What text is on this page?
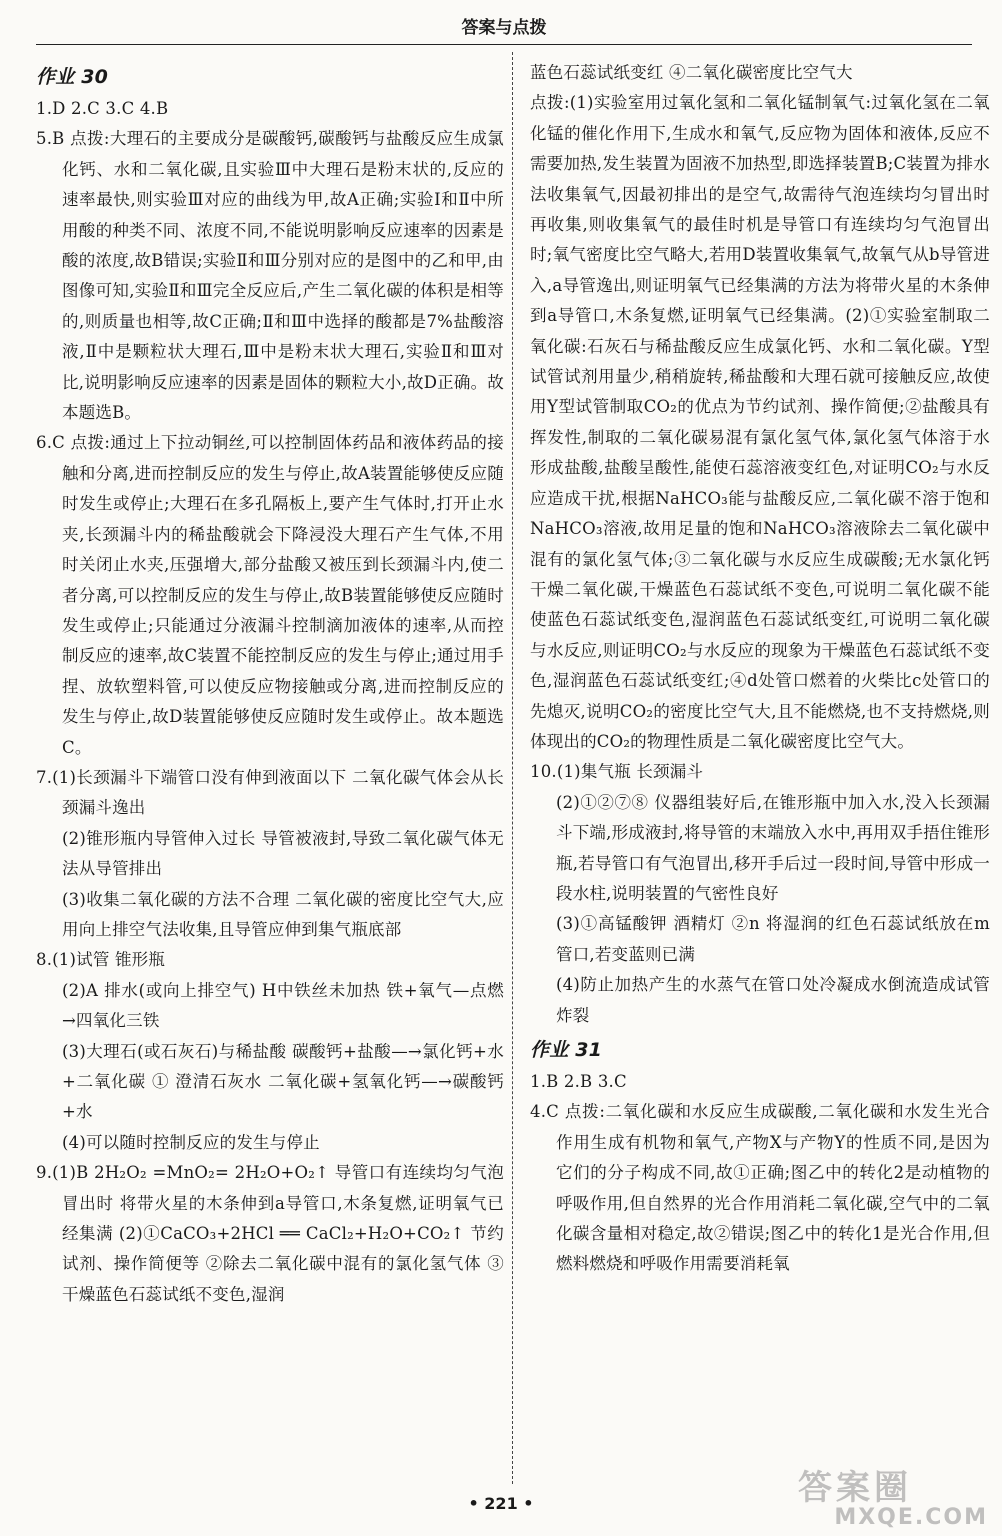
答案与点拨
作业 30
1.D 2.C 3.C 4.B
5.B 点拨:大理石的主要成分是碳酸钙,碳酸钙与盐酸反应生成氯化钙、水和二氧化碳,且实验Ⅲ中大理石是粉末状的,反应的速率最快,则实验Ⅲ对应的曲线为甲,故A正确;实验Ⅰ和Ⅱ中所用酸的种类不同、浓度不同,不能说明影响反应速率的因素是酸的浓度,故B错误;实验Ⅱ和Ⅲ分别对应的是图中的乙和甲,由图像可知,实验Ⅱ和Ⅲ完全反应后,产生二氧化碳的体积是相等的,则质量也相等,故C正确;Ⅱ和Ⅲ中选择的酸都是7%盐酸溶液,Ⅱ中是颗粒状大理石,Ⅲ中是粉末状大理石,实验Ⅱ和Ⅲ对比,说明影响反应速率的因素是固体的颗粒大小,故D正确。故本题选B。
6.C 点拨:通过上下拉动铜丝,可以控制固体药品和液体药品的接触和分离,进而控制反应的发生与停止,故A装置能够使反应随时发生或停止;大理石在多孔隔板上,要产生气体时,打开止水夹,长颈漏斗内的稀盐酸就会下降浸没大理石产生气体,不用时关闭止水夹,压强增大,部分盐酸又被压到长颈漏斗内,使二者分离,可以控制反应的发生与停止,故B装置能够使反应随时发生或停止;只能通过分液漏斗控制滴加液体的速率,从而控制反应的速率,故C装置不能控制反应的发生与停止;通过用手捏、放软塑料管,可以使反应物接触或分离,进而控制反应的发生与停止,故D装置能够使反应随时发生或停止。故本题选C。
7.(1)长颈漏斗下端管口没有伸到液面以下 二氧化碳气体会从长颈漏斗逸出
(2)锥形瓶内导管伸入过长 导管被液封,导致二氧化碳气体无法从导管排出
(3)收集二氧化碳的方法不合理 二氧化碳的密度比空气大,应用向上排空气法收集,且导管应伸到集气瓶底部
8.(1)试管 锥形瓶
(2)A 排水(或向上排空气) H中铁丝未加热 铁+氧气—点燃→四氧化三铁
(3)大理石(或石灰石)与稀盐酸 碳酸钙+盐酸—→氯化钙+水+二氧化碳 ① 澄清石灰水 二氧化碳+氢氧化钙—→碳酸钙+水
(4)可以随时控制反应的发生与停止
9.(1)B 2H₂O₂ =MnO₂= 2H₂O+O₂↑ 导管口有连续均匀气泡冒出时 将带火星的木条伸到a导管口,木条复燃,证明氧气已经集满 (2)①CaCO₃+2HCl ══ CaCl₂+H₂O+CO₂↑ 节约试剂、操作简便等 ②除去二氧化碳中混有的氯化氢气体 ③干燥蓝色石蕊试纸不变色,湿润
蓝色石蕊试纸变红 ④二氧化碳密度比空气大
点拨:(1)实验室用过氧化氢和二氧化锰制氧气:过氧化氢在二氧化锰的催化作用下,生成水和氧气,反应物为固体和液体,反应不需要加热,发生装置为固液不加热型,即选择装置B;C装置为排水法收集氧气,因最初排出的是空气,故需待气泡连续均匀冒出时再收集,则收集氧气的最佳时机是导管口有连续均匀气泡冒出时;氧气密度比空气略大,若用D装置收集氧气,故氧气从b导管进入,a导管逸出,则证明氧气已经集满的方法为将带火星的木条伸到a导管口,木条复燃,证明氧气已经集满。(2)①实验室制取二氧化碳:石灰石与稀盐酸反应生成氯化钙、水和二氧化碳。Y型试管试剂用量少,稍稍旋转,稀盐酸和大理石就可接触反应,故使用Y型试管制取CO₂的优点为节约试剂、操作简便;②盐酸具有挥发性,制取的二氧化碳易混有氯化氢气体,氯化氢气体溶于水形成盐酸,盐酸呈酸性,能使石蕊溶液变红色,对证明CO₂与水反应造成干扰,根据NaHCO₃能与盐酸反应,二氧化碳不溶于饱和NaHCO₃溶液,故用足量的饱和NaHCO₃溶液除去二氧化碳中混有的氯化氢气体;③二氧化碳与水反应生成碳酸;无水氯化钙干燥二氧化碳,干燥蓝色石蕊试纸不变色,可说明二氧化碳不能使蓝色石蕊试纸变色,湿润蓝色石蕊试纸变红,可说明二氧化碳与水反应,则证明CO₂与水反应的现象为干燥蓝色石蕊试纸不变色,湿润蓝色石蕊试纸变红;④d处管口燃着的火柴比c处管口的先熄灭,说明CO₂的密度比空气大,且不能燃烧,也不支持燃烧,则体现出的CO₂的物理性质是二氧化碳密度比空气大。
10.(1)集气瓶 长颈漏斗
(2)①②⑦⑧ 仪器组装好后,在锥形瓶中加入水,没入长颈漏斗下端,形成液封,将导管的末端放入水中,再用双手捂住锥形瓶,若导管口有气泡冒出,移开手后过一段时间,导管中形成一段水柱,说明装置的气密性良好
(3)①高锰酸钾 酒精灯 ②n 将湿润的红色石蕊试纸放在m管口,若变蓝则已满
(4)防止加热产生的水蒸气在管口处冷凝成水倒流造成试管炸裂
作业 31
1.B 2.B 3.C
4.C 点拨:二氧化碳和水反应生成碳酸,二氧化碳和水发生光合作用生成有机物和氧气,产物X与产物Y的性质不同,是因为它们的分子构成不同,故①正确;图乙中的转化2是动植物的呼吸作用,但自然界的光合作用消耗二氧化碳,空气中的二氧化碳含量相对稳定,故②错误;图乙中的转化1是光合作用,但燃料燃烧和呼吸作用需要消耗氧
• 221 •	答案圈
MXQE.COM
